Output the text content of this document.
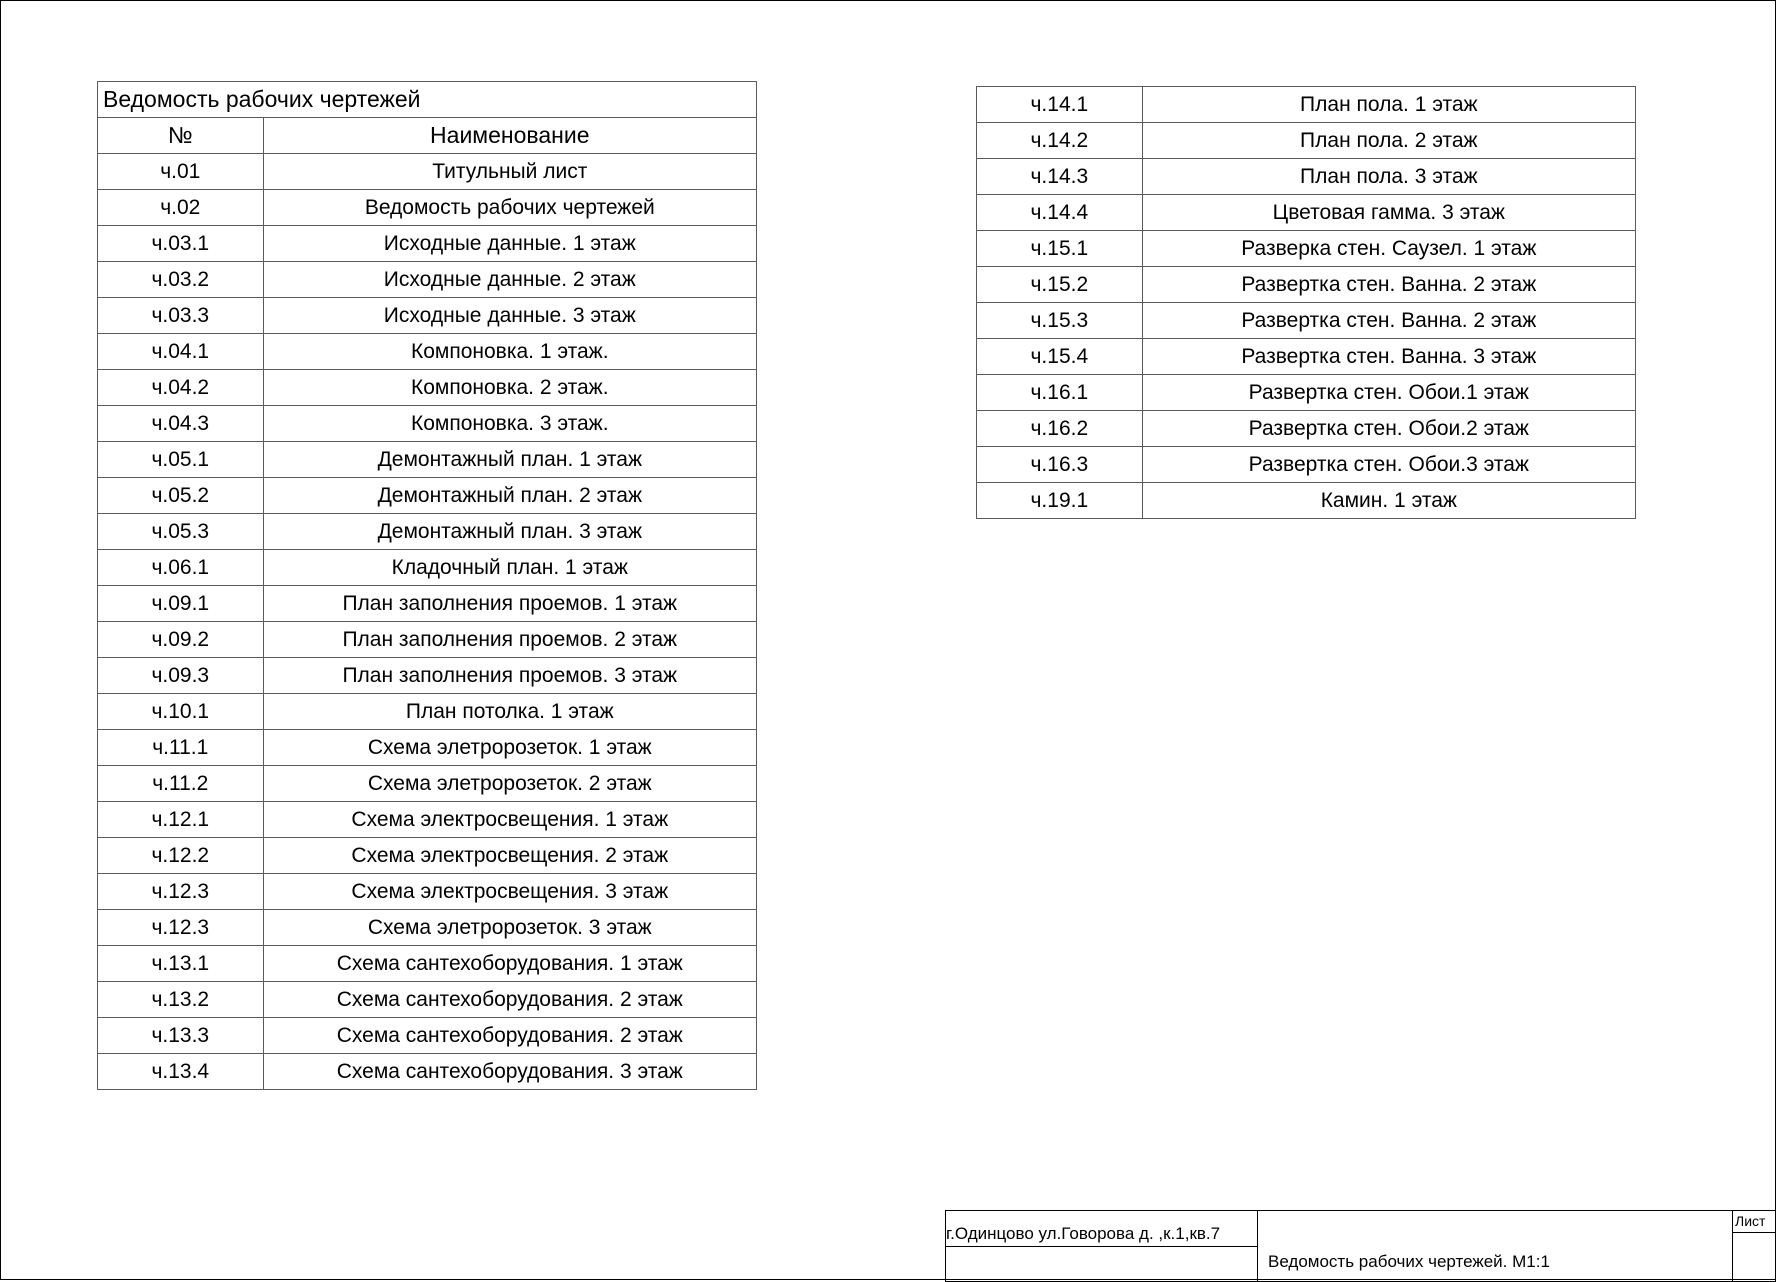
Ведомость рабочих чертежей	
№	Наименование
ч.01	Титульный лист
ч.02	Ведомость рабочих чертежей
ч.03.1	Исходные данные. 1 этаж
ч.03.2	Исходные данные. 2 этаж
ч.03.3	Исходные данные. 3 этаж
ч.04.1	Компоновка. 1 этаж.
ч.04.2	Компоновка. 2 этаж.
ч.04.3	Компоновка. 3 этаж.
ч.05.1	Демонтажный план. 1 этаж
ч.05.2	Демонтажный план. 2 этаж
ч.05.3	Демонтажный план. 3 этаж
ч.06.1	Кладочный план. 1 этаж
ч.09.1	План заполнения проемов. 1 этаж
ч.09.2	План заполнения проемов. 2 этаж
ч.09.3	План заполнения проемов. 3 этаж
ч.10.1	План потолка. 1 этаж
ч.11.1	Схема элетророзеток. 1 этаж
ч.11.2	Схема элетророзеток. 2 этаж
ч.12.1	Схема электросвещения. 1 этаж
ч.12.2	Схема электросвещения. 2 этаж
ч.12.3	Схема электросвещения. 3 этаж
ч.12.3	Схема элетророзеток. 3 этаж
ч.13.1	Схема сантехоборудования. 1 этаж
ч.13.2	Схема сантехоборудования. 2 этаж
ч.13.3	Схема сантехоборудования. 2 этаж
ч.13.4	Схема сантехоборудования. 3 этаж
ч.14.1	План пола. 1 этаж
ч.14.2	План пола. 2 этаж
ч.14.3	План пола. 3 этаж
ч.14.4	Цветовая гамма. 3 этаж
ч.15.1	Разверка стен. Саузел. 1 этаж
ч.15.2	Развертка стен. Ванна. 2 этаж
ч.15.3	Развертка стен. Ванна. 2 этаж
ч.15.4	Развертка стен. Ванна. 3 этаж
ч.16.1	Развертка стен. Обои.1 этаж
ч.16.2	Развертка стен. Обои.2 этаж
ч.16.3	Развертка стен. Обои.3 этаж
ч.19.1	Камин. 1 этаж
г.Одинцово ул.Говорова д. ,к.1,кв.7
Ведомость рабочих чертежей. М1:1
Лист
